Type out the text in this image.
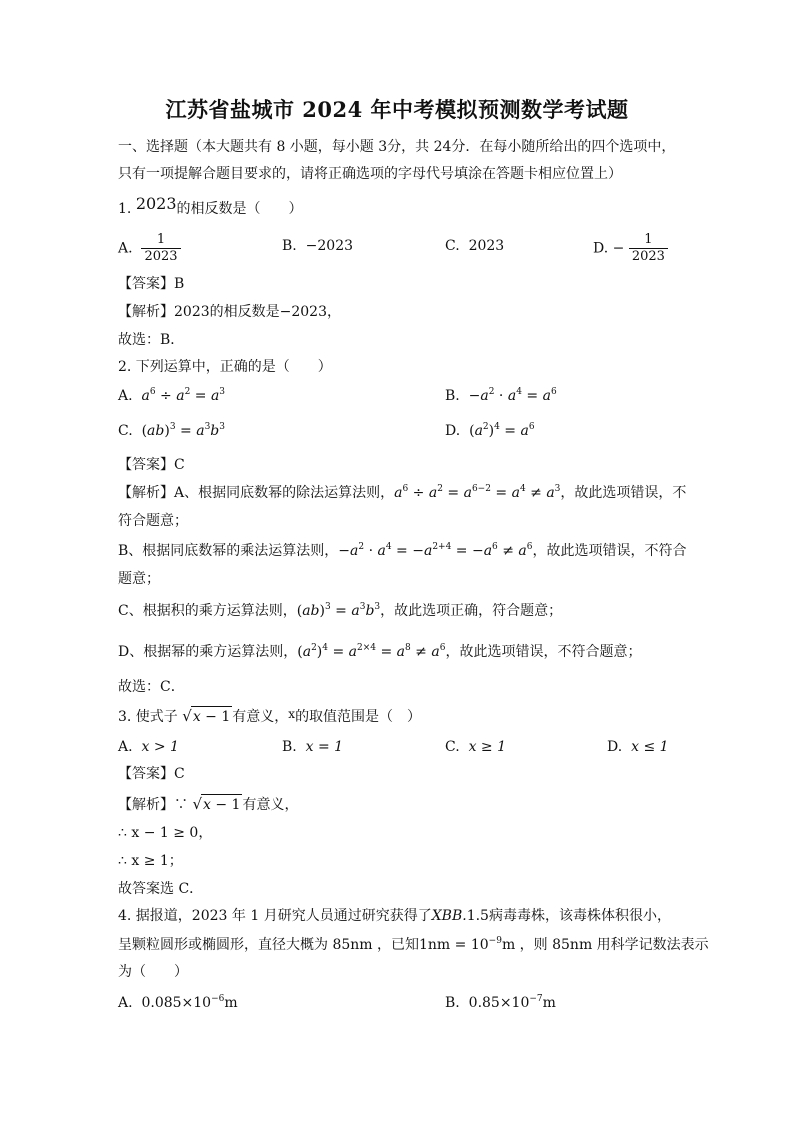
江苏省盐城市 2024 年中考模拟预测数学考试题
一、选择题（本大题共有 8 小题，每小题 3分，共 24分．在每小随所给出的四个选项中，
只有一项提解合题目要求的，请将正确选项的字母代号填涂在答题卡相应位置上）
1. 2023的相反数是（　　）
A. $\frac{1}{2023}$	B. −2023	C. 2023	D. − $\frac{1}{2023}$
【答案】B
【解析】2023的相反数是−2023，
故选：B．
2. 下列运算中，正确的是（　　）
A. $a^6 \div a^2 = a^3$	B. $-a^2 \cdot a^4 = a^6$
C. $(ab)^3 = a^3b^3$	D. $(a^2)^4 = a^6$
【答案】C
【解析】A、根据同底数幂的除法运算法则，$a^6 \div a^2 = a^{6-2} = a^4 \ne a^3$，故此选项错误，不
符合题意；
B、根据同底数幂的乘法运算法则，$-a^2 \cdot a^4 = -a^{2+4} = -a^6 \ne a^6$，故此选项错误，不符合
题意；
C、根据积的乘方运算法则，$(ab)^3 = a^3b^3$，故此选项正确，符合题意；
D、根据幂的乘方运算法则，$(a^2)^4 = a^{2\times 4} = a^8 \ne a^6$，故此选项错误，不符合题意；
故选：C．
3. 使式子 √x − 1 有意义，x的取值范围是（　）
A. x > 1	B. x = 1	C. x ≥ 1	D. x ≤ 1
【答案】C
【解析】∵ √x − 1 有意义，
∴ x − 1 ≥ 0，
∴ x ≥ 1；
故答案选 C．
4. 据报道，2023 年 1 月研究人员通过研究获得了XBB.1.5病毒毒株，该毒株体积很小，
呈颗粒圆形或椭圆形，直径大概为 85nm ，已知$1nm = 10^{-9}m$ ，则 85nm 用科学记数法表示
为（　　）
A. $0.085\times 10^{-6}m$	B. $0.85\times 10^{-7}m$
